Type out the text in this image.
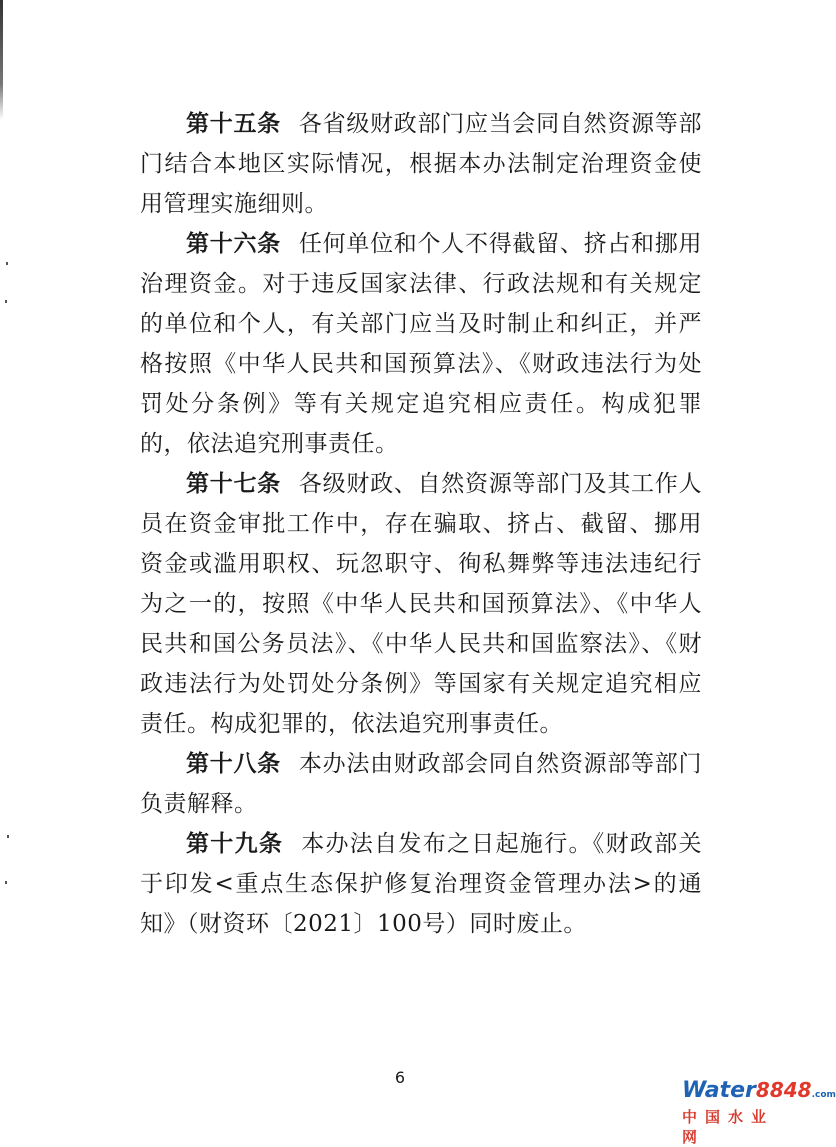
第十五条 各省级财政部门应当会同自然资源等部门结合本地区实际情况，根据本办法制定治理资金使用管理实施细则。

第十六条 任何单位和个人不得截留、挤占和挪用治理资金。对于违反国家法律、行政法规和有关规定的单位和个人，有关部门应当及时制止和纠正，并严格按照《中华人民共和国预算法》、《财政违法行为处罚处分条例》等有关规定追究相应责任。构成犯罪的，依法追究刑事责任。

第十七条 各级财政、自然资源等部门及其工作人员在资金审批工作中，存在骗取、挤占、截留、挪用资金或滥用职权、玩忽职守、徇私舞弊等违法违纪行为之一的，按照《中华人民共和国预算法》、《中华人民共和国公务员法》、《中华人民共和国监察法》、《财政违法行为处罚处分条例》等国家有关规定追究相应责任。构成犯罪的，依法追究刑事责任。

第十八条 本办法由财政部会同自然资源部等部门负责解释。

第十九条 本办法自发布之日起施行。《财政部关于印发<重点生态保护修复治理资金管理办法>的通知》（财资环〔2021〕100号）同时废止。

6
Water8848.com
中国水业网
